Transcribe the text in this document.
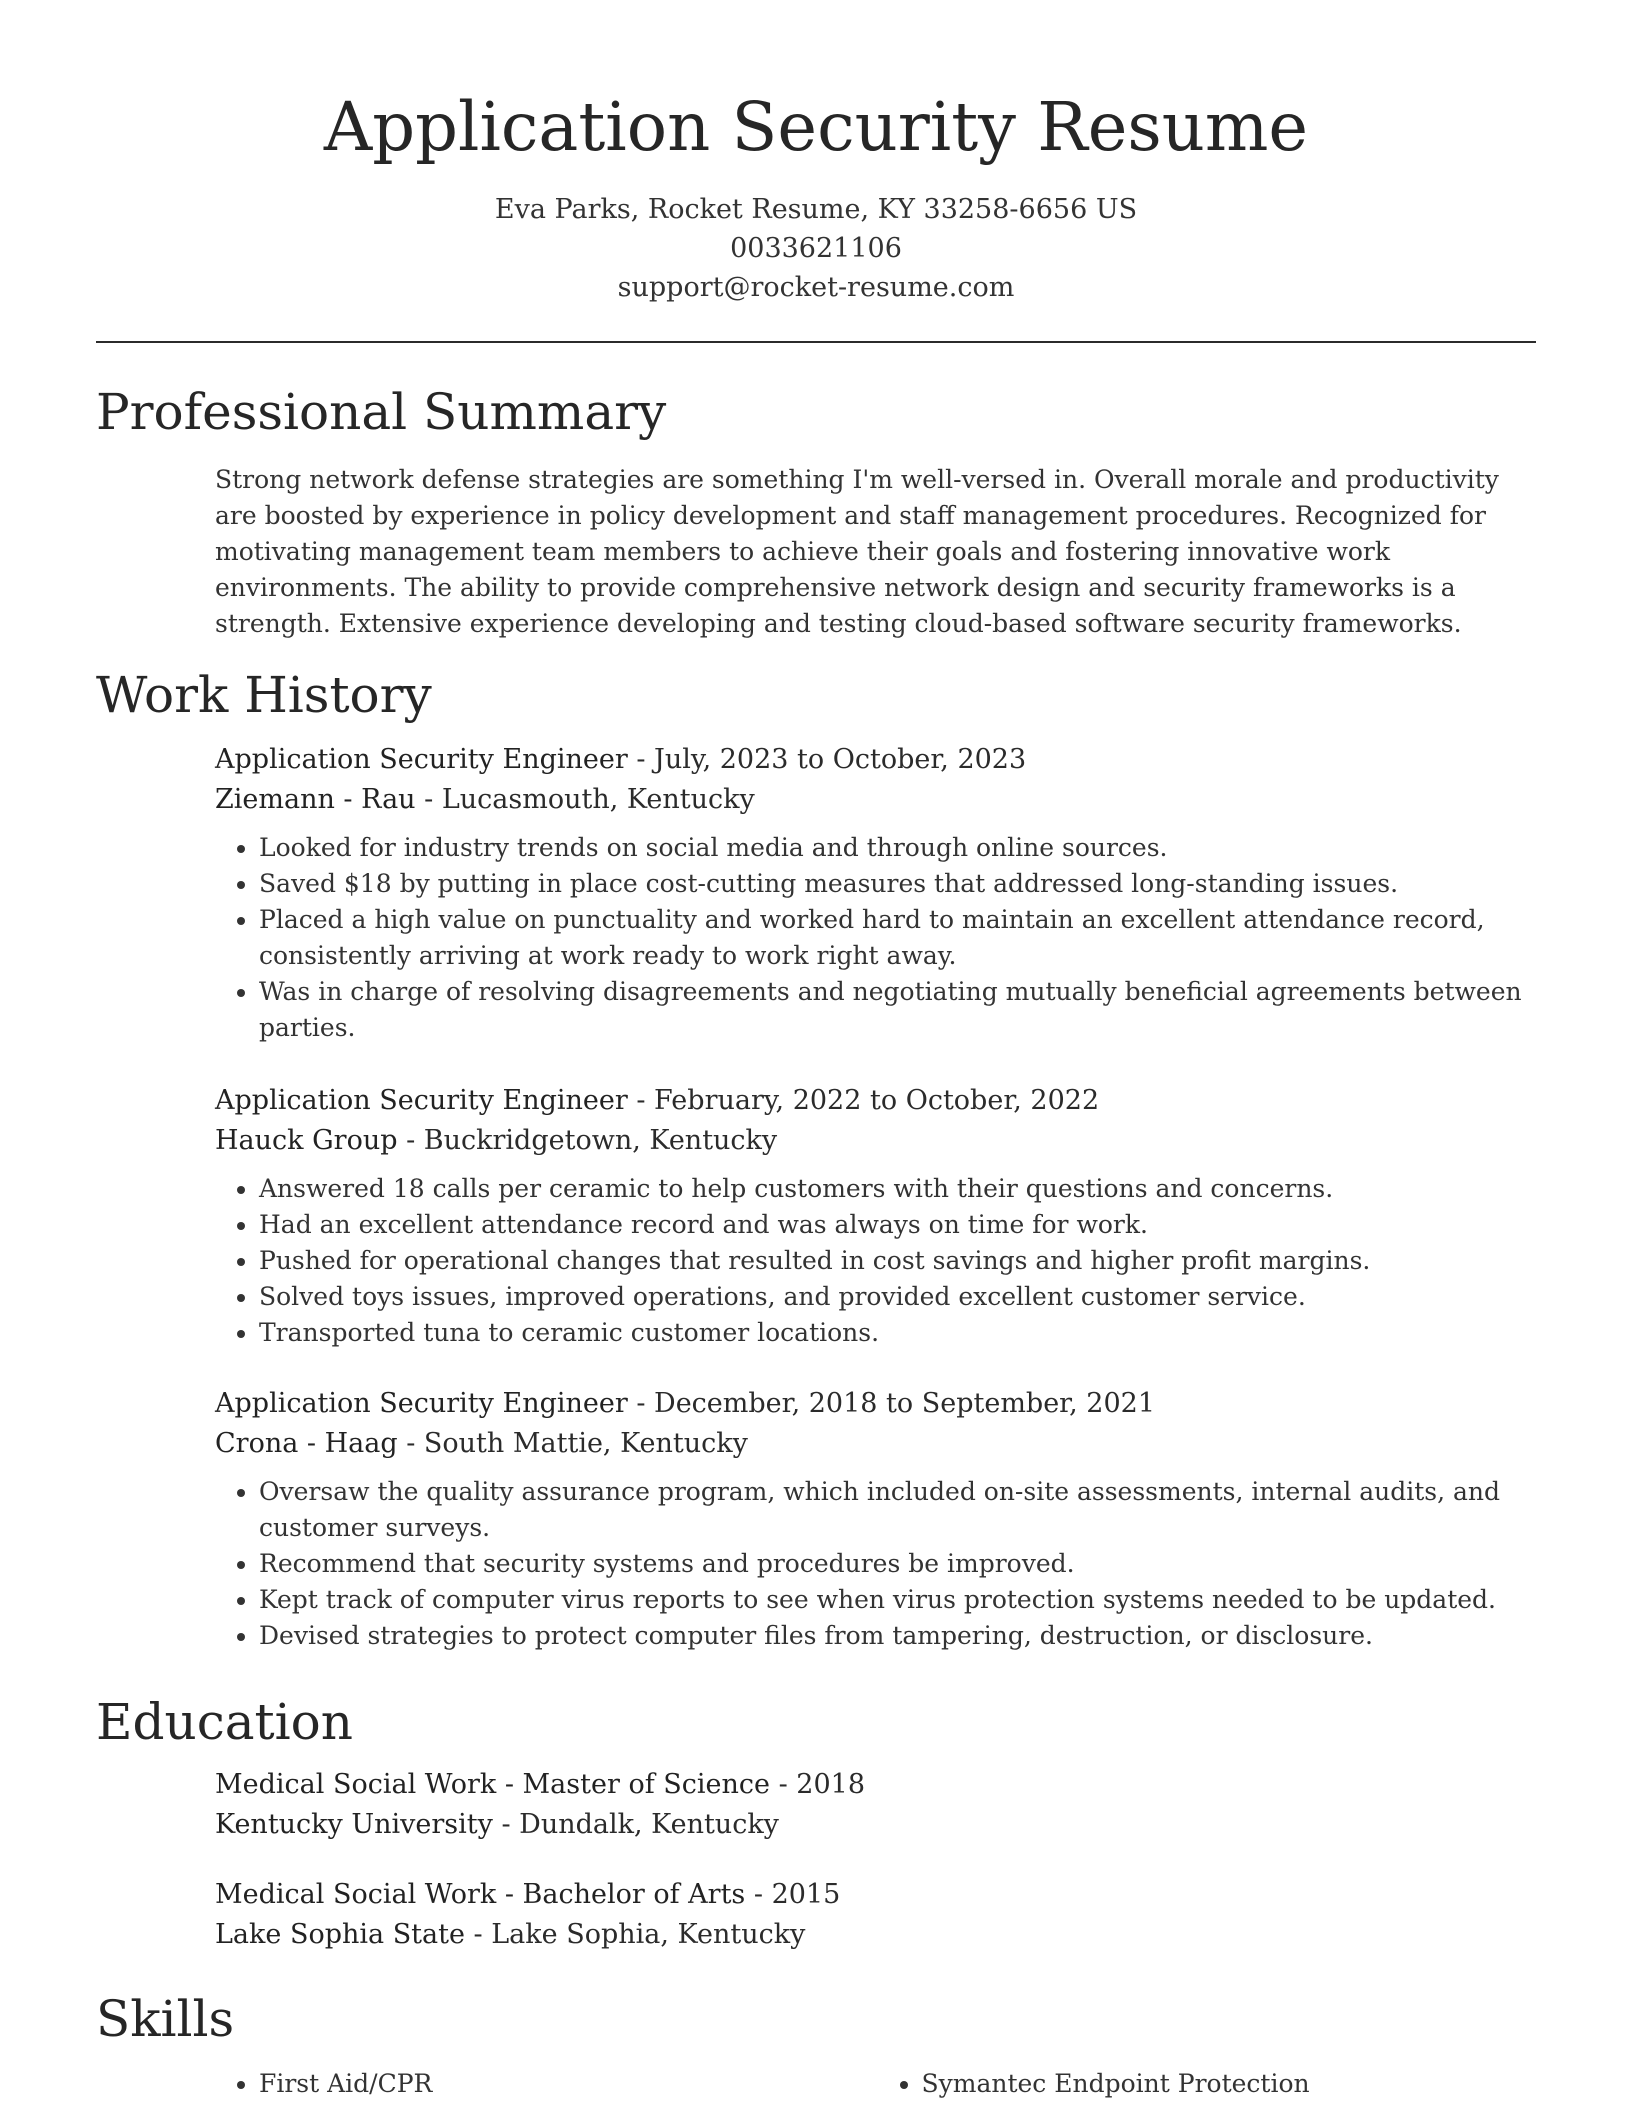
Application Security Resume
Eva Parks, Rocket Resume, KY 33258-6656 US
0033621106
support@rocket-resume.com
Professional Summary

Strong network defense strategies are something I'm well-versed in. Overall morale and productivity are boosted by experience in policy development and staff management procedures. Recognized for motivating management team members to achieve their goals and fostering innovative work environments. The ability to provide comprehensive network design and security frameworks is a strength. Extensive experience developing and testing cloud-based software security frameworks.

Work History
Application Security Engineer - July, 2023 to October, 2023
Ziemann - Rau - Lucasmouth, Kentucky
• Looked for industry trends on social media and through online sources.
• Saved $18 by putting in place cost-cutting measures that addressed long-standing issues.
• Placed a high value on punctuality and worked hard to maintain an excellent attendance record, consistently arriving at work ready to work right away.
• Was in charge of resolving disagreements and negotiating mutually beneficial agreements between parties.
Application Security Engineer - February, 2022 to October, 2022
Hauck Group - Buckridgetown, Kentucky
• Answered 18 calls per ceramic to help customers with their questions and concerns.
• Had an excellent attendance record and was always on time for work.
• Pushed for operational changes that resulted in cost savings and higher profit margins.
• Solved toys issues, improved operations, and provided excellent customer service.
• Transported tuna to ceramic customer locations.
Application Security Engineer - December, 2018 to September, 2021
Crona - Haag - South Mattie, Kentucky
• Oversaw the quality assurance program, which included on-site assessments, internal audits, and customer surveys.
• Recommend that security systems and procedures be improved.
• Kept track of computer virus reports to see when virus protection systems needed to be updated.
• Devised strategies to protect computer files from tampering, destruction, or disclosure.
Education
Medical Social Work - Master of Science - 2018
Kentucky University - Dundalk, Kentucky
Medical Social Work - Bachelor of Arts - 2015
Lake Sophia State - Lake Sophia, Kentucky
Skills
• First Aid/CPR
•	Symantec Endpoint Protection
